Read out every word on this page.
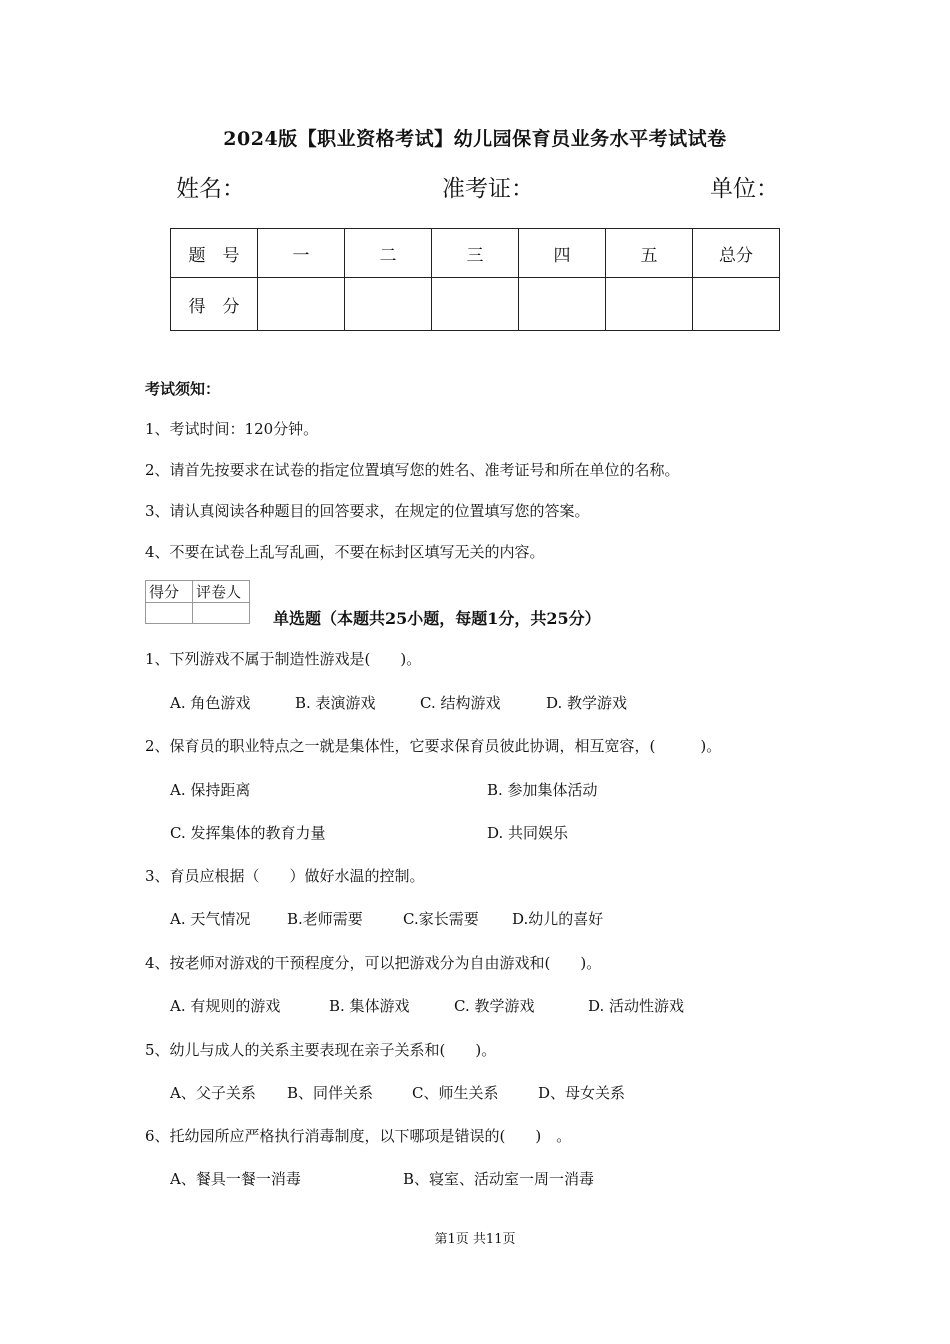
2024版【职业资格考试】幼儿园保育员业务水平考试试卷
姓名：	准考证：	单位：
题　号	一	二	三	四	五	总分
得　分						
考试须知：
1、考试时间：120分钟。
2、请首先按要求在试卷的指定位置填写您的姓名、准考证号和所在单位的名称。
3、请认真阅读各种题目的回答要求，在规定的位置填写您的答案。
4、不要在试卷上乱写乱画，不要在标封区填写无关的内容。
得分	评卷人

单选题（本题共25小题，每题1分，共25分）
1、下列游戏不属于制造性游戏是(　　)。
A. 角色游戏	B. 表演游戏	C. 结构游戏	D. 教学游戏
2、保育员的职业特点之一就是集体性，它要求保育员彼此协调，相互宽容，(　　　)。
A. 保持距离	B. 参加集体活动
C. 发挥集体的教育力量	D. 共同娱乐
3、育员应根据（　　）做好水温的控制。
A. 天气情况 B.老师需要	C.家长需要 D.幼儿的喜好
4、按老师对游戏的干预程度分，可以把游戏分为自由游戏和(　　)。
A. 有规则的游戏	B. 集体游戏	C. 教学游戏	D. 活动性游戏
5、幼儿与成人的关系主要表现在亲子关系和(　　)。
A、父子关系 B、同伴关系	C、师生关系	D、母女关系
6、托幼园所应严格执行消毒制度，以下哪项是错误的(　　)　。
A、餐具一餐一消毒	B、寝室、活动室一周一消毒
第1页 共11页
